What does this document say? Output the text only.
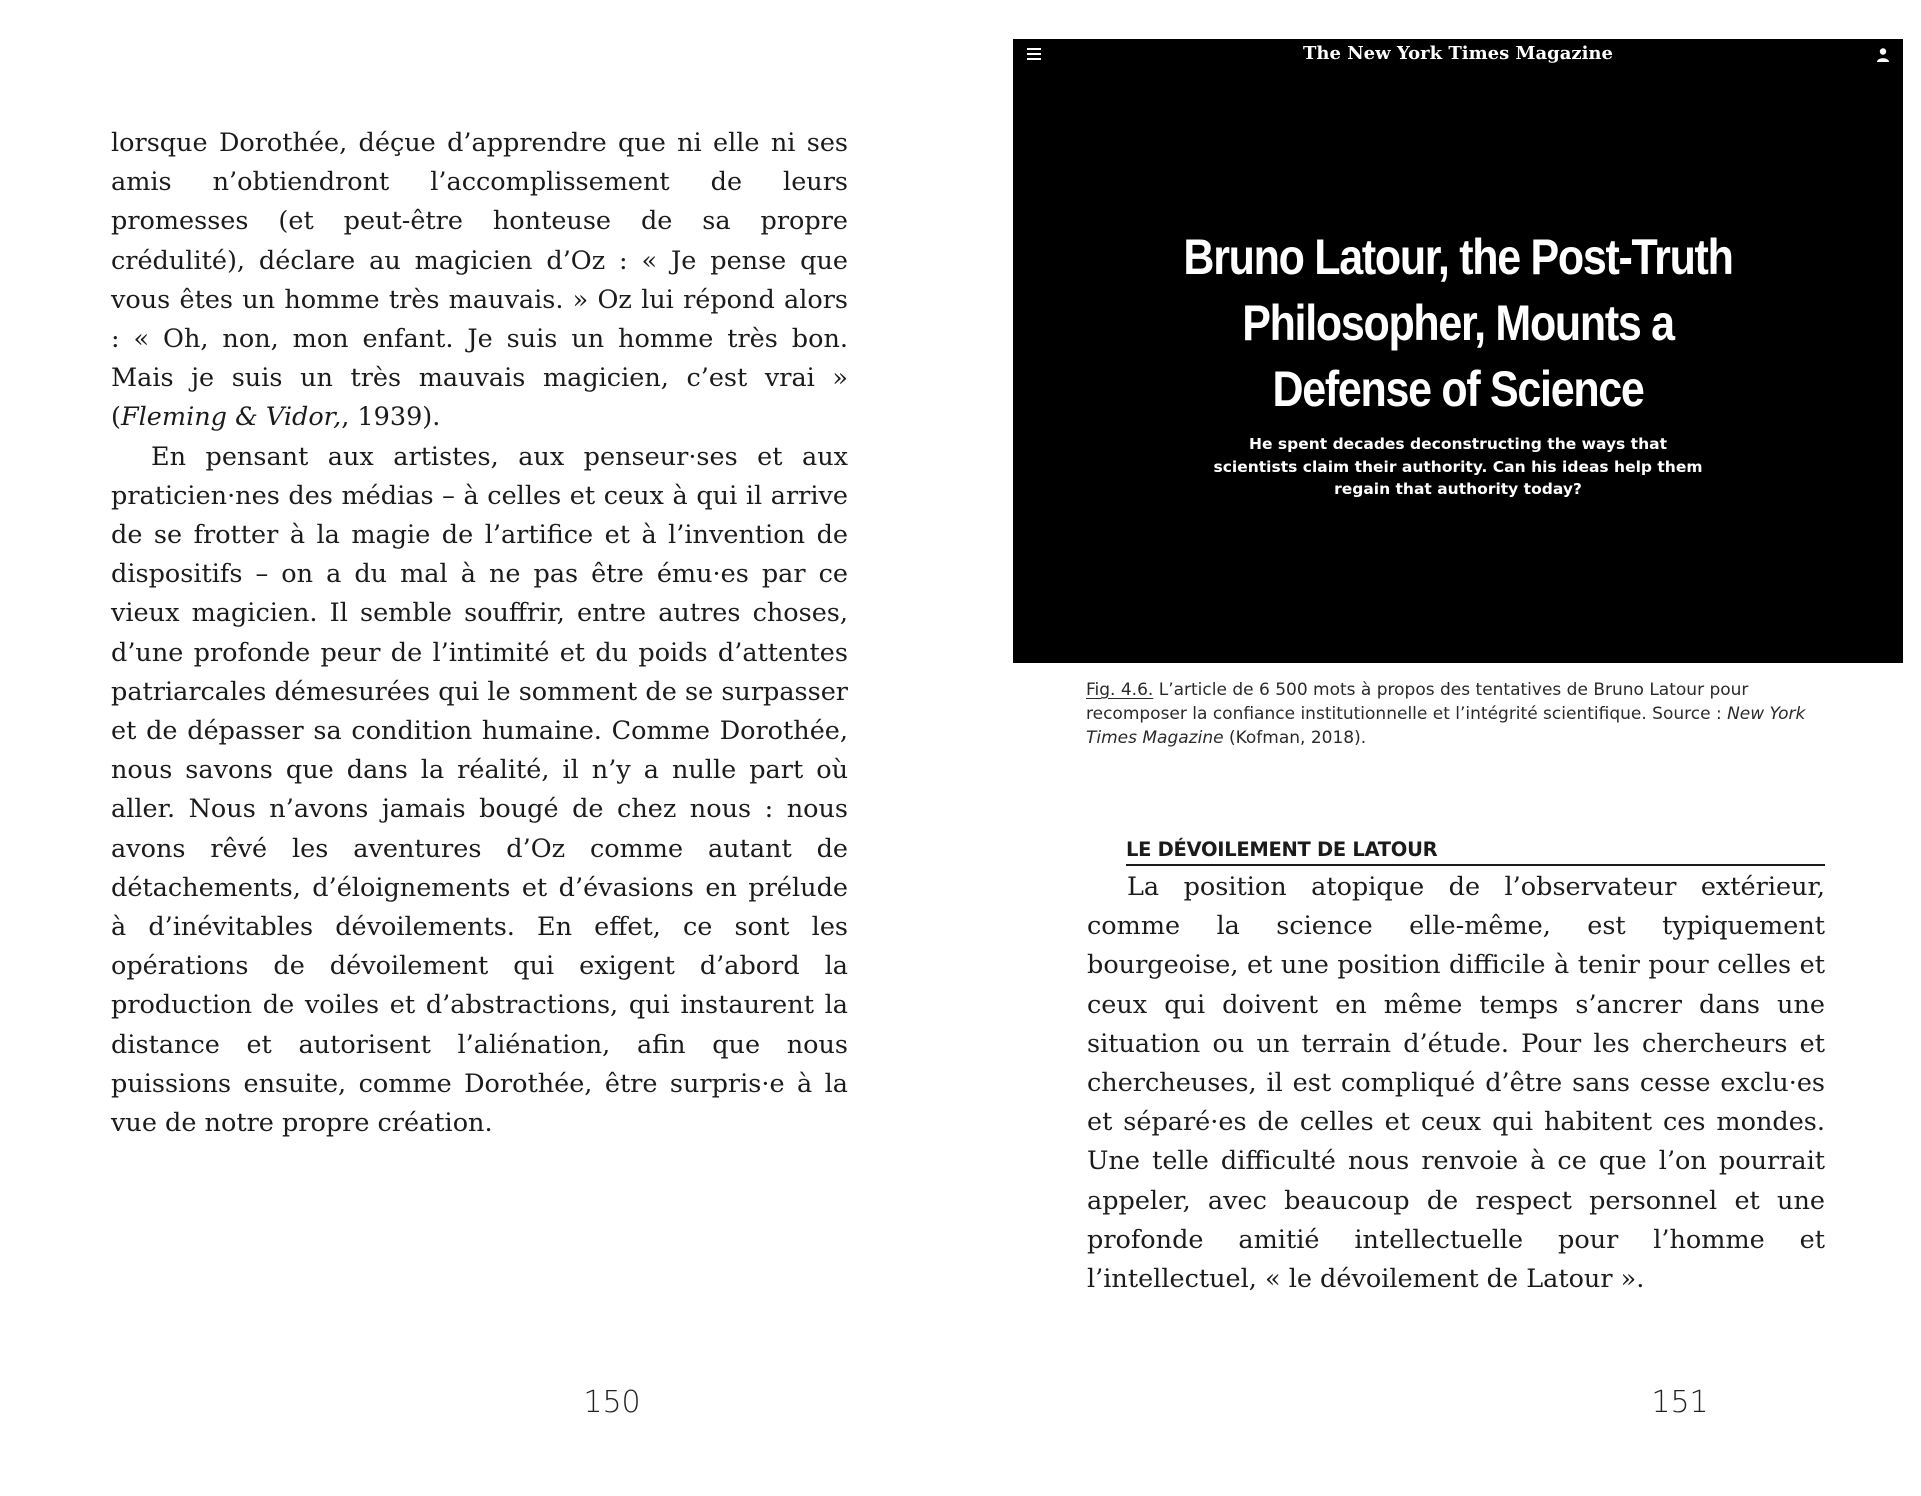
lorsque Dorothée, déçue d’apprendre que ni elle ni ses amis n’obtiendront l’accomplissement de leurs promesses (et peut-être honteuse de sa propre crédulité), déclare au magicien d’Oz : « Je pense que vous êtes un homme très mauvais. » Oz lui répond alors : « Oh, non, mon enfant. Je suis un homme très bon. Mais je suis un très mauvais magicien, c’est vrai » (Fleming & Vidor,, 1939).

En pensant aux artistes, aux penseur·ses et aux praticien·nes des médias – à celles et ceux à qui il arrive de se frotter à la magie de l’artifice et à l’invention de dispositifs – on a du mal à ne pas être ému·es par ce vieux magicien. Il semble souffrir, entre autres choses, d’une profonde peur de l’intimité et du poids d’attentes patriarcales démesurées qui le somment de se surpasser et de dépasser sa condition humaine. Comme Dorothée, nous savons que dans la réalité, il n’y a nulle part où aller. Nous n’avons jamais bougé de chez nous : nous avons rêvé les aventures d’Oz comme autant de détachements, d’éloignements et d’évasions en prélude à d’inévitables dévoilements. En effet, ce sont les opérations de dévoilement qui exigent d’abord la production de voiles et d’abstractions, qui instaurent la distance et autorisent l’aliénation, afin que nous puissions ensuite, comme Dorothée, être surpris·e à la vue de notre propre création.

150
The New York Times Magazine
Bruno Latour, the Post-Truth
Philosopher, Mounts a
Defense of Science
He spent decades deconstructing the ways that scientists claim their authority. Can his ideas help them regain that authority today?
Fig. 4.6. L’article de 6 500 mots à propos des tentatives de Bruno Latour pour recomposer la confiance institutionnelle et l’intégrité scientifique. Source : New York Times Magazine (Kofman, 2018).
LE DÉVOILEMENT DE LATOUR

La position atopique de l’observateur extérieur, comme la science elle-même, est typiquement bourgeoise, et une position difficile à tenir pour celles et ceux qui doivent en même temps s’ancrer dans une situation ou un terrain d’étude. Pour les chercheurs et chercheuses, il est compliqué d’être sans cesse exclu·es et séparé·es de celles et ceux qui habitent ces mondes. Une telle difficulté nous renvoie à ce que l’on pourrait appeler, avec beaucoup de respect personnel et une profonde amitié intellectuelle pour l’homme et l’intellectuel, « le dévoilement de Latour ».

151
